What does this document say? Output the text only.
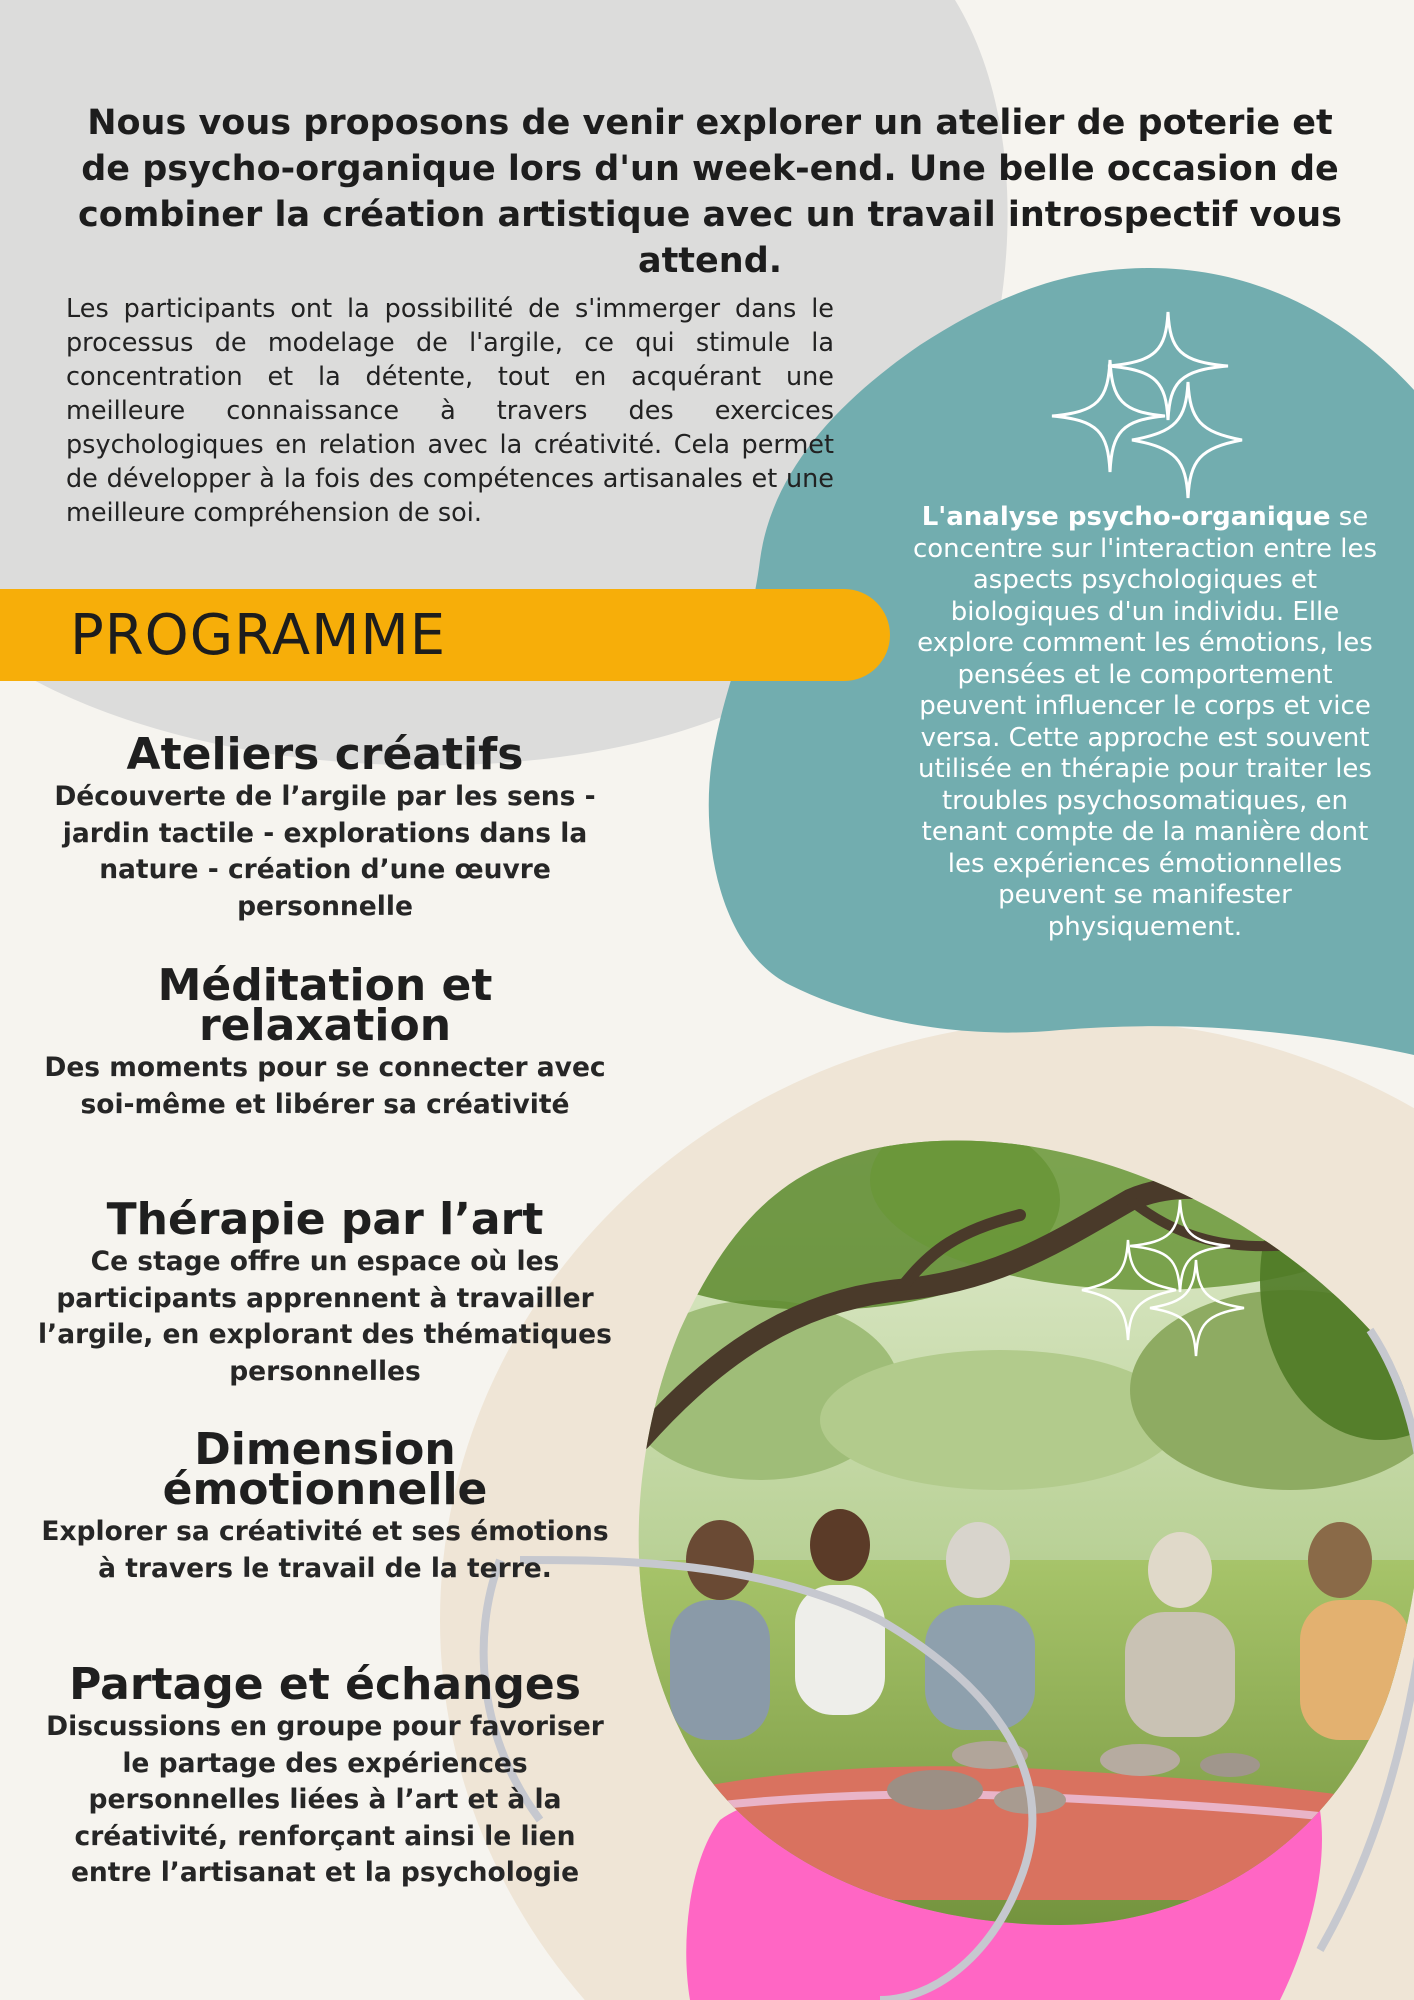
Nous vous proposons de venir explorer un atelier de poterie et de psycho-organique lors d'un week-end. Une belle occasion de combiner la création artistique avec un travail introspectif vous attend.

Les participants ont la possibilité de s'immerger dans le processus de modelage de l'argile, ce qui stimule la concentration et la détente, tout en acquérant une meilleure connaissance à travers des exercices psychologiques en relation avec la créativité. Cela permet de développer à la fois des compétences artisanales et une meilleure compréhension de soi.

PROGRAMME

L'analyse psycho-organique se concentre sur l'interaction entre les aspects psychologiques et biologiques d'un individu. Elle explore comment les émotions, les pensées et le comportement peuvent influencer le corps et vice versa. Cette approche est souvent utilisée en thérapie pour traiter les troubles psychosomatiques, en tenant compte de la manière dont les expériences émotionnelles peuvent se manifester physiquement.

Ateliers créatifs

Découverte de l’argile par les sens - jardin tactile - explorations dans la nature - création d’une œuvre personnelle

Méditation et relaxation

Des moments pour se connecter avec soi-même et libérer sa créativité

Thérapie par l’art

Ce stage offre un espace où les participants apprennent à travailler l’argile, en explorant des thématiques personnelles

Dimension émotionnelle

Explorer sa créativité et ses émotions à travers le travail de la terre.

Partage et échanges

Discussions en groupe pour favoriser le partage des expériences personnelles liées à l’art et à la créativité, renforçant ainsi le lien entre l’artisanat et la psychologie
